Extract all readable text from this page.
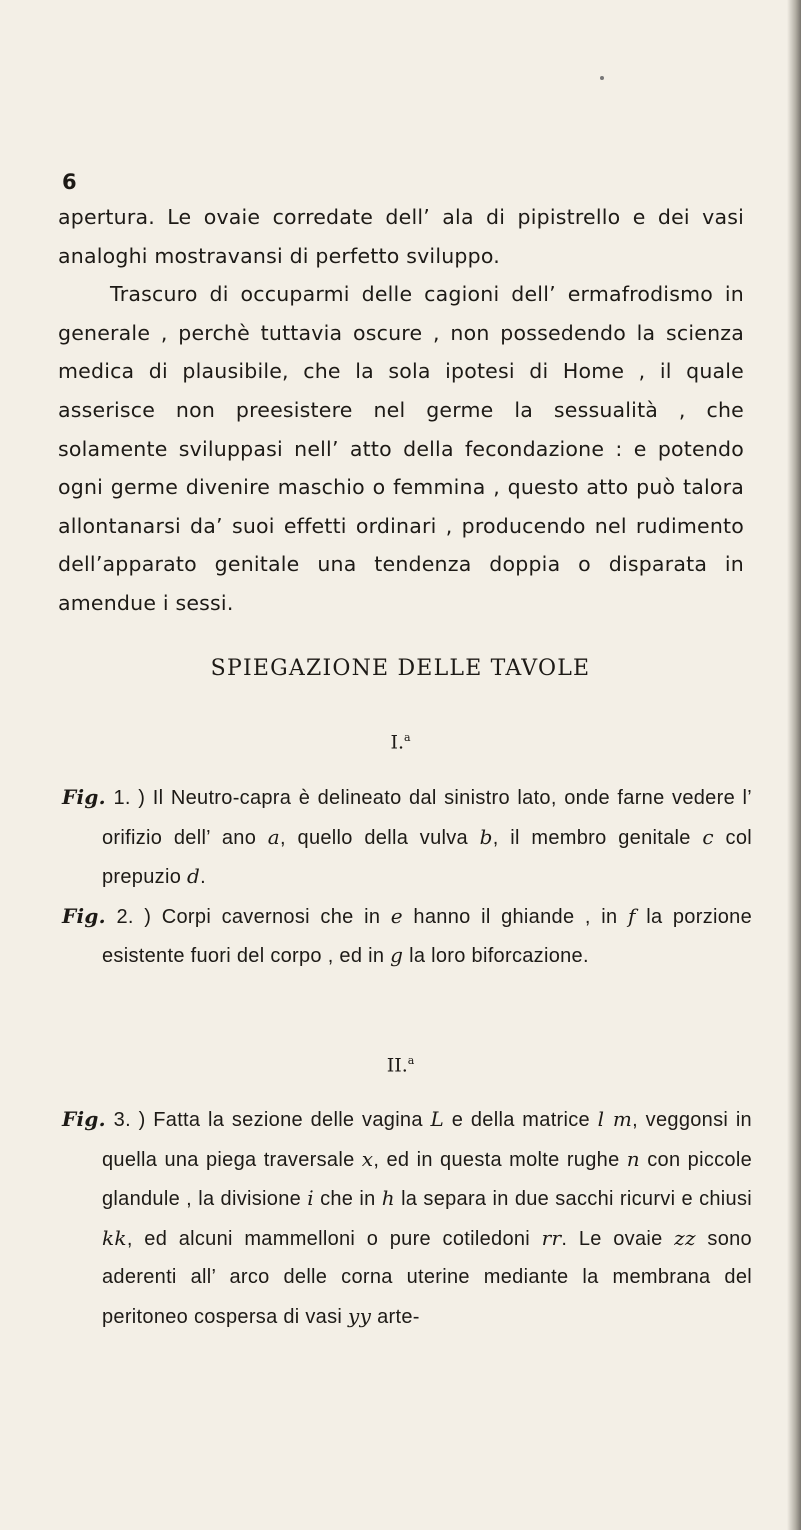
6

apertura. Le ovaie corredate dell’ ala di pipistrello e dei vasi analoghi mostravansi di perfetto sviluppo.

Trascuro di occuparmi delle cagioni dell’ ermafrodismo in generale , perchè tuttavia oscure , non possedendo la scienza medica di plausibile, che la sola ipotesi di Home , il quale asserisce non preesistere nel germe la sessualità , che solamente sviluppasi nell’ atto della fecondazione : e potendo ogni germe divenire maschio o femmina , questo atto può talora allontanarsi da’ suoi effetti ordinari , producendo nel rudimento dell’apparato genitale una tendenza doppia o disparata in amendue i sessi.

SPIEGAZIONE DELLE TAVOLE
I.$^a$

Fig. 1. ) Il Neutro-capra è delineato dal sinistro lato, onde farne vedere l’ orifizio dell’ ano a, quello della vulva b, il membro genitale c col prepuzio d.

Fig. 2. ) Corpi cavernosi che in e hanno il ghiande , in f la porzione esistente fuori del corpo , ed in g la loro biforcazione.

II.$^a$

Fig. 3. ) Fatta la sezione delle vagina L e della matrice l m, veggonsi in quella una piega traversale x, ed in questa molte rughe n con piccole glandule , la divisione i che in h la separa in due sacchi ricurvi e chiusi kk, ed alcuni mammelloni o pure cotiledoni rr. Le ovaie zz sono aderenti all’ arco delle corna uterine mediante la membrana del peritoneo cospersa di vasi yy arte-
